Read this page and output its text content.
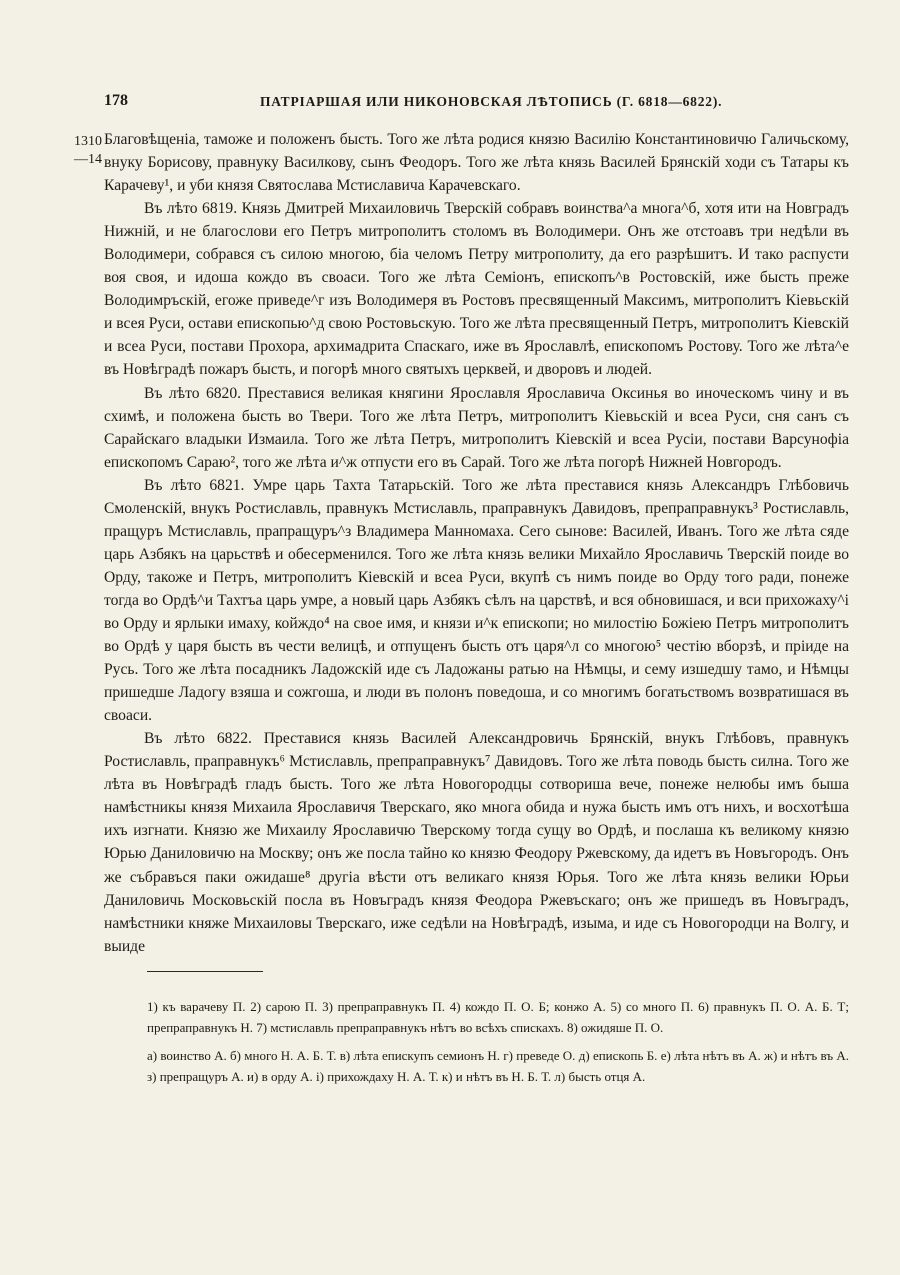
178	ПАТРІАРШАЯ ИЛИ НИКОНОВСКАЯ ЛѢТОПИСЬ (Г. 6818—6822).
1310
—14

Благовѣщеніа, таможе и положенъ бысть. Того же лѣта родися князю Василію Константиновичю Галичьскому, внуку Борисову, правнуку Василкову, сынъ Феодоръ. Того же лѣта князь Василей Брянскій ходи съ Татары къ Карачеву¹, и уби князя Святослава Мстиславича Карачевскаго.

Въ лѣто 6819. Князь Дмитрей Михаиловичь Тверскій собравъ воинства^а многа^б, хотя ити на Новградъ Нижній, и не благослови его Петръ митрополитъ столомъ въ Володимери. Онъ же отстоавъ три недѣли въ Володимери, собрався съ силою многою, біа челомъ Петру митрополиту, да его разрѣшитъ. И тако распусти воя своя, и идоша кождо въ своаси. Того же лѣта Семіонъ, епископъ^в Ростовскій, иже бысть преже Володимръскій, егоже приведе^г изъ Володимеря въ Ростовъ пресвященный Максимъ, митрополитъ Кіевьскій и всея Руси, остави епископью^д свою Ростовьскую. Того же лѣта пресвященный Петръ, митрополитъ Кіевскій и всеа Руси, постави Прохора, архимадрита Спаскаго, иже въ Ярославлѣ, епископомъ Ростову. Того же лѣта^е въ Новѣградѣ пожаръ бысть, и погорѣ много святыхъ церквей, и дворовъ и людей.

Въ лѣто 6820. Преставися великая княгини Ярославля Ярославича Оксинья во иноческомъ чину и въ схимѣ, и положена бысть во Твери. Того же лѣта Петръ, митрополитъ Кіевьскій и всеа Руси, сня санъ съ Сарайскаго владыки Измаила. Того же лѣта Петръ, митрополитъ Кіевскій и всеа Русіи, постави Варсунофіа епископомъ Сараю², того же лѣта и^ж отпусти его въ Сарай. Того же лѣта погорѣ Нижней Новгородъ.

Въ лѣто 6821. Умре царь Тахта Татарьскій. Того же лѣта преставися князь Александръ Глѣбовичь Смоленскій, внукъ Ростиславль, правнукъ Мстиславль, праправнукъ Давидовъ, препраправнукъ³ Ростиславль, пращуръ Мстиславль, прапращуръ^з Владимера Манномаха. Сего сынове: Василей, Иванъ. Того же лѣта сяде царь Азбякъ на царьствѣ и обесерменился. Того же лѣта князь велики Михайло Ярославичь Тверскій поиде во Орду, такоже и Петръ, митрополитъ Кіевскій и всеа Руси, вкупѣ съ нимъ поиде во Орду того ради, понеже тогда во Ордѣ^и Тахтъа царь умре, а новый царь Азбякъ сѣлъ на царствѣ, и вся обновишася, и вси прихожаху^і во Орду и ярлыки имаху, койждо⁴ на свое имя, и князи и^к епископи; но милостію Божіею Петръ митрополитъ во Ордѣ у царя бысть въ чести велицѣ, и отпущенъ бысть отъ царя^л со многою⁵ честію вборзѣ, и пріиде на Русь. Того же лѣта посадникъ Ладожскій иде съ Ладожаны ратью на Нѣмцы, и сему изшедшу тамо, и Нѣмцы пришедше Ладогу взяша и сожгоша, и люди въ полонъ поведоша, и со многимъ богатьствомъ возвратишася въ своаси.

Въ лѣто 6822. Преставися князь Василей Александровичь Брянскій, внукъ Глѣбовъ, правнукъ Ростиславль, праправнукъ⁶ Мстиславль, препраправнукъ⁷ Давидовъ. Того же лѣта поводь бысть силна. Того же лѣта въ Новѣградѣ гладъ бысть. Того же лѣта Новогородцы сотвориша вече, понеже нелюбы имъ быша намѣстникы князя Михаила Ярославичя Тверскаго, яко многа обида и нужа бысть имъ отъ нихъ, и восхотѣша ихъ изгнати. Князю же Михаилу Ярославичю Тверскому тогда сущу во Ордѣ, и послаша къ великому князю Юрью Даниловичю на Москву; онъ же посла тайно ко князю Феодору Ржевскому, да идетъ въ Новъгородъ. Онъ же събравъся паки ожидаше⁸ другіа вѣсти отъ великаго князя Юрья. Того же лѣта князь велики Юрьи Даниловичь Московьскій посла въ Новъградъ князя Феодора Ржевъскаго; онъ же пришедъ въ Новъградъ, намѣстники княже Михаиловы Тверскаго, иже седѣли на Новѣградѣ, изыма, и иде съ Новогородци на Волгу, и выиде

1) къ варачеву П. 2) сарою П. 3) препраправнукъ П. 4) кождо П. О. Б; конжо А. 5) со много П. 6) правнукъ П. О. А. Б. Т; препраправнукъ Н. 7) мстиславль препраправнукъ нѣтъ во всѣхъ спискахъ. 8) ожидяше П. О.

а) воинство А. б) много Н. А. Б. Т. в) лѣта епискупъ семионъ Н. г) преведе О. д) епископь Б. е) лѣта нѣтъ въ А. ж) и нѣтъ въ А. з) препращуръ А. и) в орду А. і) прихождаху Н. А. Т. к) и нѣтъ въ Н. Б. Т. л) бысть отця А.
